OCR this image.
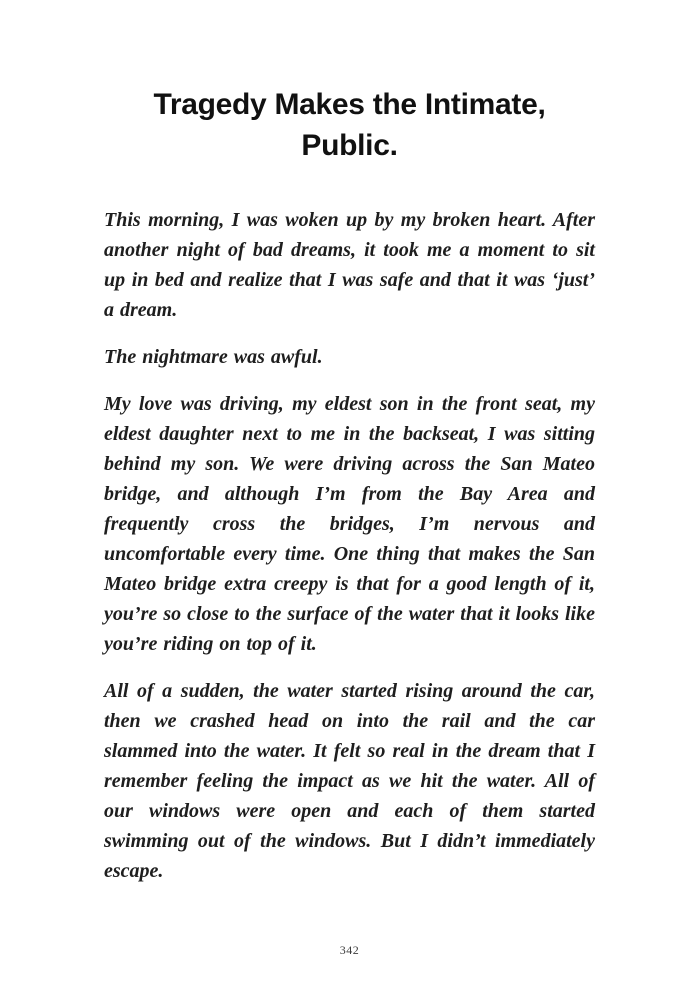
Tragedy Makes the Intimate, Public.

This morning, I was woken up by my broken heart. After another night of bad dreams, it took me a moment to sit up in bed and realize that I was safe and that it was ‘just’ a dream.

The nightmare was awful.

My love was driving, my eldest son in the front seat, my eldest daughter next to me in the backseat, I was sitting behind my son. We were driving across the San Mateo bridge, and although I’m from the Bay Area and frequently cross the bridges, I’m nervous and uncomfortable every time. One thing that makes the San Mateo bridge extra creepy is that for a good length of it, you’re so close to the surface of the water that it looks like you’re riding on top of it.

All of a sudden, the water started rising around the car, then we crashed head on into the rail and the car slammed into the water. It felt so real in the dream that I remember feeling the impact as we hit the water. All of our windows were open and each of them started swimming out of the windows. But I didn’t immediately escape.

342
